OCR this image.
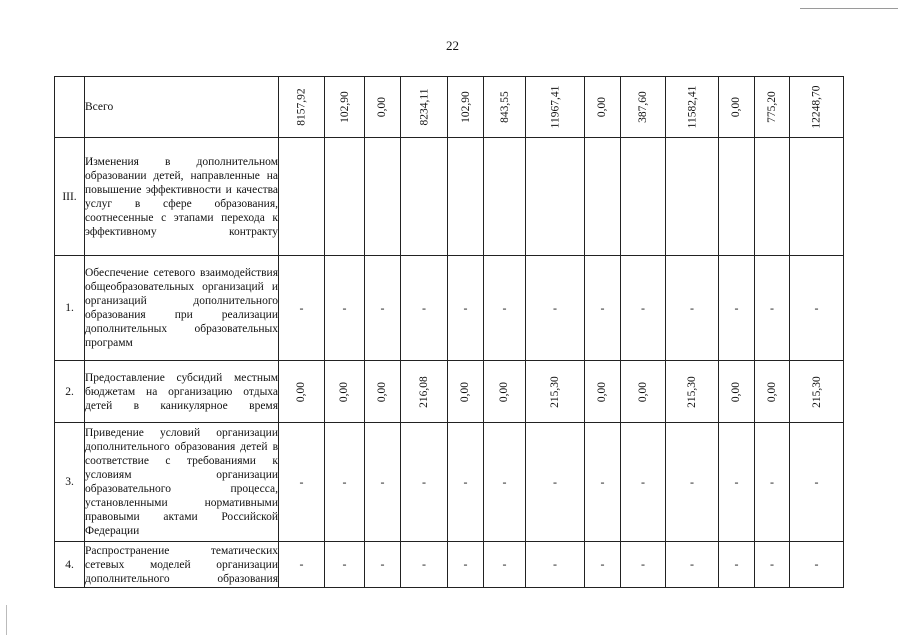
22
	Всего	8157,92	102,90	0,00	8234,11	102,90	843,55	11967,41	0,00	387,60	11582,41	0,00	775,20	12248,70
III.	Изменения в дополнительном образовании детей, направленные на повышение эффективности и качества услуг в сфере образования, соотнесенные с этапами перехода к эффективному контракту													
1.	Обеспечение сетевого взаимодействия общеобразовательных организаций и организаций дополнительного образования при реализации дополнительных образовательных программ	-	-	-	-	-	-	-	-	-	-	-	-	-
2.	Предоставление субсидий местным бюджетам на организацию отдыха детей в каникулярное время	0,00	0,00	0,00	216,08	0,00	0,00	215,30	0,00	0,00	215,30	0,00	0,00	215,30
3.	Приведение условий организации дополнительного образования детей в соответствие с требованиями к условиям организации образовательного процесса, установленными нормативными правовыми актами Российской Федерации	-	-	-	-	-	-	-	-	-	-	-	-	-
4.	Распространение тематических сетевых моделей организации дополнительного образования	-	-	-	-	-	-	-	-	-	-	-	-	-
